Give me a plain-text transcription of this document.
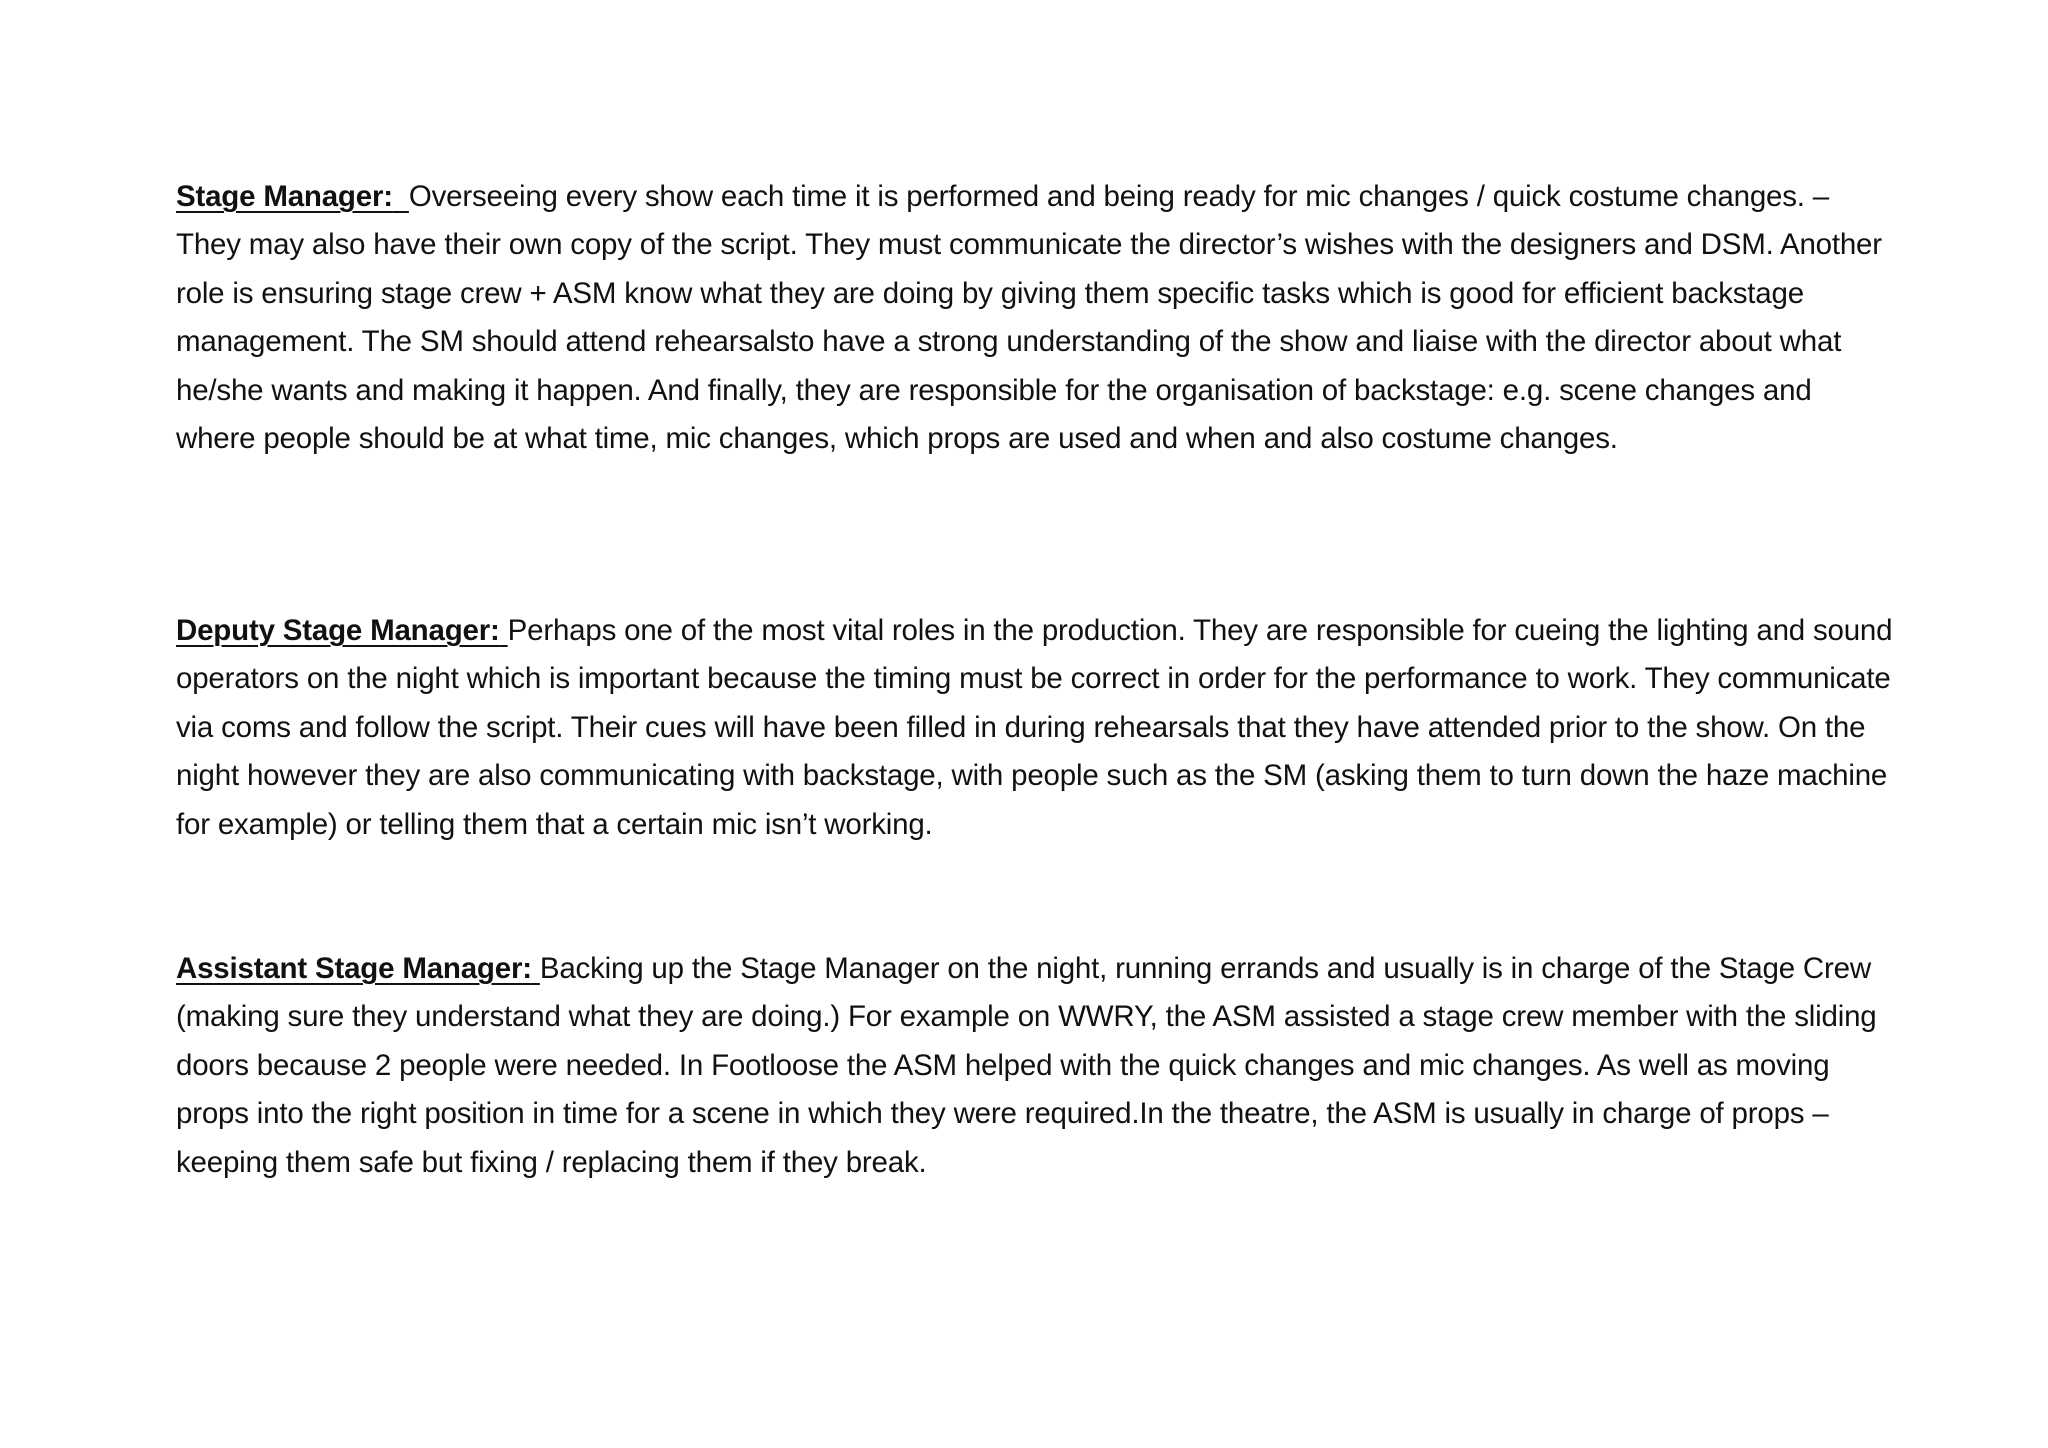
Stage Manager: Overseeing every show each time it is performed and being ready for mic changes / quick costume changes. – They may also have their own copy of the script. They must communicate the director’s wishes with the designers and DSM. Another role is ensuring stage crew + ASM know what they are doing by giving them specific tasks which is good for efficient backstage management. The SM should attend rehearsalsto have a strong understanding of the show and liaise with the director about what he/she wants and making it happen. And finally, they are responsible for the organisation of backstage: e.g. scene changes and where people should be at what time, mic changes, which props are used and when and also costume changes.

Deputy Stage Manager: Perhaps one of the most vital roles in the production. They are responsible for cueing the lighting and sound operators on the night which is important because the timing must be correct in order for the performance to work. They communicate via coms and follow the script. Their cues will have been filled in during rehearsals that they have attended prior to the show. On the night however they are also communicating with backstage, with people such as the SM (asking them to turn down the haze machine for example) or telling them that a certain mic isn’t working.

Assistant Stage Manager: Backing up the Stage Manager on the night, running errands and usually is in charge of the Stage Crew (making sure they understand what they are doing.) For example on WWRY, the ASM assisted a stage crew member with the sliding doors because 2 people were needed. In Footloose the ASM helped with the quick changes and mic changes. As well as moving props into the right position in time for a scene in which they were required.In the theatre, the ASM is usually in charge of props – keeping them safe but fixing / replacing them if they break.
